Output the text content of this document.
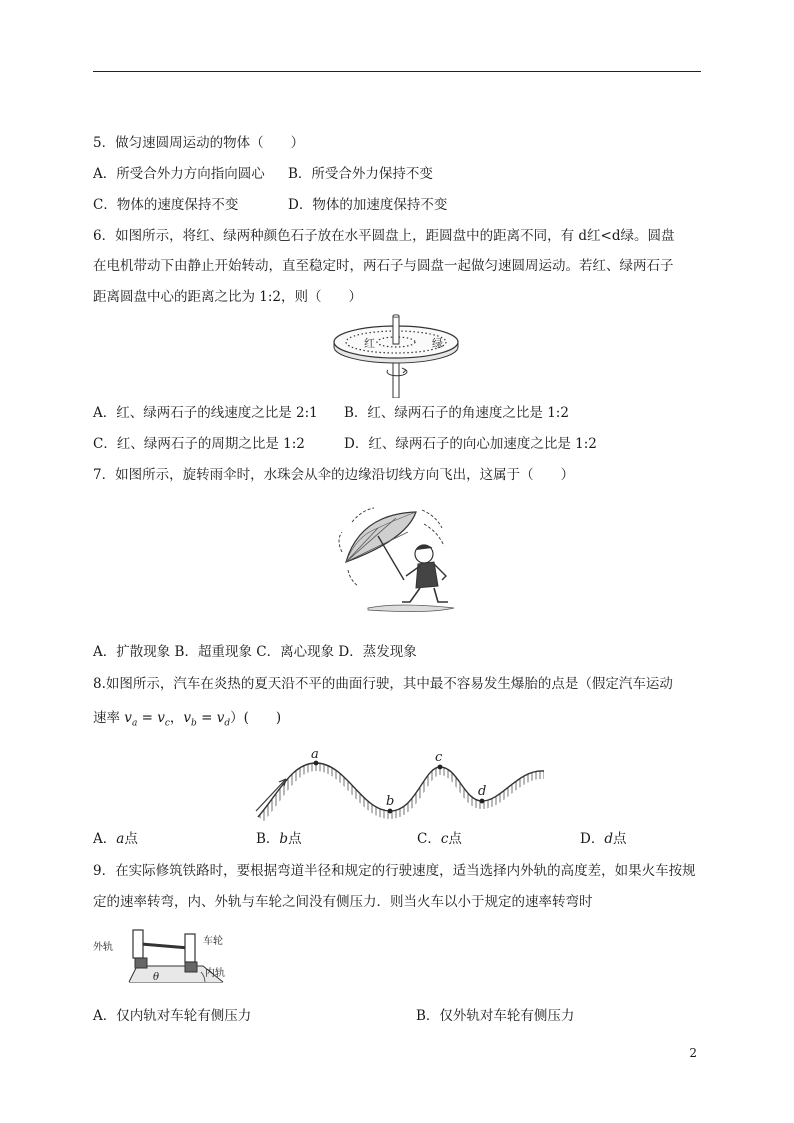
5．做匀速圆周运动的物体（　　）
A．所受合外力方向指向圆心 B．所受合外力保持不变
C．物体的速度保持不变	D．物体的加速度保持不变
6．如图所示，将红、绿两种颜色石子放在水平圆盘上，距圆盘中的距离不同，有 d红<d绿。圆盘
在电机带动下由静止开始转动，直至稳定时，两石子与圆盘一起做匀速圆周运动。若红、绿两石子
距离圆盘中心的距离之比为 1:2，则（　　）
红	绿
A．红、绿两石子的线速度之比是 2:1 B．红、绿两石子的角速度之比是 1:2
C．红、绿两石子的周期之比是 1:2	D．红、绿两石子的向心加速度之比是 1:2
7．如图所示，旋转雨伞时，水珠会从伞的边缘沿切线方向飞出，这属于（　　）
A．扩散现象 B．超重现象 C．离心现象 D．蒸发现象
8.如图所示，汽车在炎热的夏天沿不平的曲面行驶，其中最不容易发生爆胎的点是（假定汽车运动
速率 $v_a = v_c$，$v_b = v_d$）(　　)
a
b
c
d
A．a点	B．b点	C．c点	D．d点
9．在实际修筑铁路时，要根据弯道半径和规定的行驶速度，适当选择内外轨的高度差，如果火车按规
定的速率转弯，内、外轨与车轮之间没有侧压力．则当火车以小于规定的速率转弯时
θ
外轨
车轮
内轨
A．仅内轨对车轮有侧压力	B．仅外轨对车轮有侧压力
2
